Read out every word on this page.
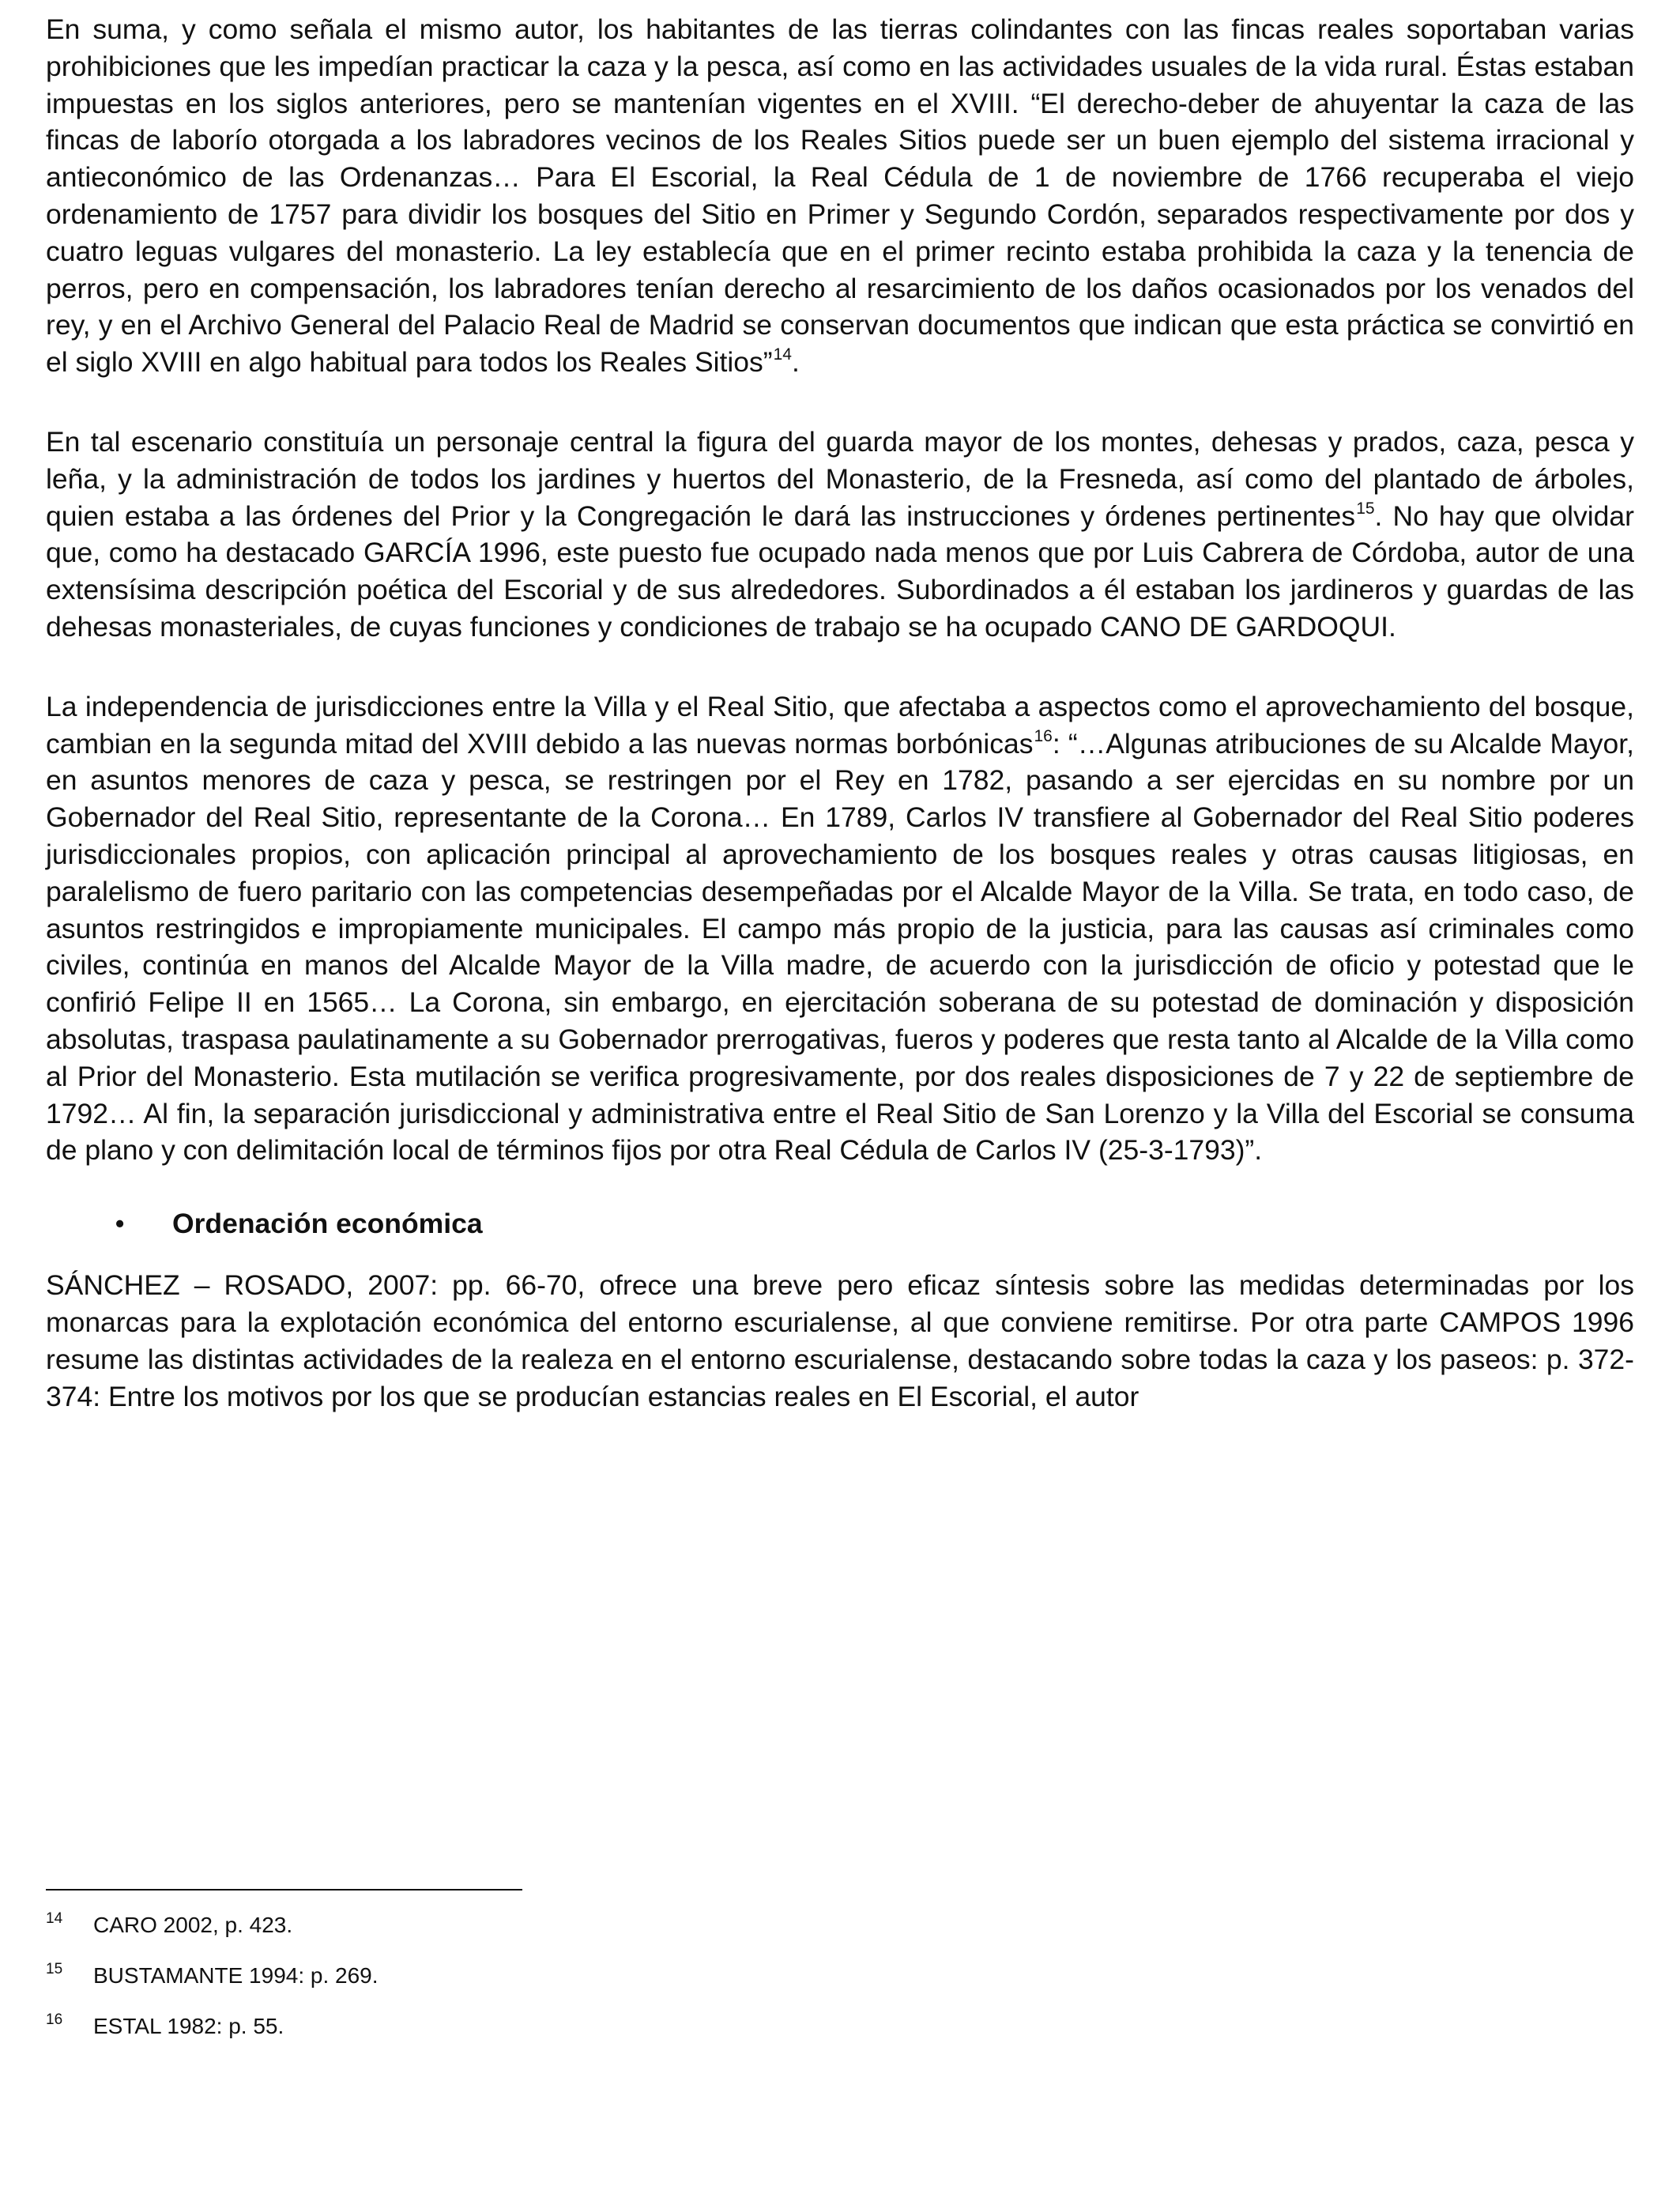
En suma, y como señala el mismo autor, los habitantes de las tierras colindantes con las fincas reales soportaban varias prohibiciones que les impedían practicar la caza y la pesca, así como en las actividades usuales de la vida rural. Éstas estaban impuestas en los siglos anteriores, pero se mantenían vigentes en el XVIII. “El derecho-deber de ahuyentar la caza de las fincas de laborío otorgada a los labradores vecinos de los Reales Sitios puede ser un buen ejemplo del sistema irracional y antieconómico de las Ordenanzas… Para El Escorial, la Real Cédula de 1 de noviembre de 1766 recuperaba el viejo ordenamiento de 1757 para dividir los bosques del Sitio en Primer y Segundo Cordón, separados respectivamente por dos y cuatro leguas vulgares del monasterio. La ley establecía que en el primer recinto estaba prohibida la caza y la tenencia de perros, pero en compensación, los labradores tenían derecho al resarcimiento de los daños ocasionados por los venados del rey, y en el Archivo General del Palacio Real de Madrid se conservan documentos que indican que esta práctica se convirtió en el siglo XVIII en algo habitual para todos los Reales Sitios”$^{14}$.

En tal escenario constituía un personaje central la figura del guarda mayor de los montes, dehesas y prados, caza, pesca y leña, y la administración de todos los jardines y huertos del Monasterio, de la Fresneda, así como del plantado de árboles, quien estaba a las órdenes del Prior y la Congregación le dará las instrucciones y órdenes pertinentes$^{15}$. No hay que olvidar que, como ha destacado GARCÍA 1996, este puesto fue ocupado nada menos que por Luis Cabrera de Córdoba, autor de una extensísima descripción poética del Escorial y de sus alrededores. Subordinados a él estaban los jardineros y guardas de las dehesas monasteriales, de cuyas funciones y condiciones de trabajo se ha ocupado CANO DE GARDOQUI.

La independencia de jurisdicciones entre la Villa y el Real Sitio, que afectaba a aspectos como el aprovechamiento del bosque, cambian en la segunda mitad del XVIII debido a las nuevas normas borbónicas$^{16}$: “…Algunas atribuciones de su Alcalde Mayor, en asuntos menores de caza y pesca, se restringen por el Rey en 1782, pasando a ser ejercidas en su nombre por un Gobernador del Real Sitio, representante de la Corona… En 1789, Carlos IV transfiere al Gobernador del Real Sitio poderes jurisdiccionales propios, con aplicación principal al aprovechamiento de los bosques reales y otras causas litigiosas, en paralelismo de fuero paritario con las competencias desempeñadas por el Alcalde Mayor de la Villa. Se trata, en todo caso, de asuntos restringidos e impropiamente municipales. El campo más propio de la justicia, para las causas así criminales como civiles, continúa en manos del Alcalde Mayor de la Villa madre, de acuerdo con la jurisdicción de oficio y potestad que le confirió Felipe II en 1565… La Corona, sin embargo, en ejercitación soberana de su potestad de dominación y disposición absolutas, traspasa paulatinamente a su Gobernador prerrogativas, fueros y poderes que resta tanto al Alcalde de la Villa como al Prior del Monasterio. Esta mutilación se verifica progresivamente, por dos reales disposiciones de 7 y 22 de septiembre de 1792… Al fin, la separación jurisdiccional y administrativa entre el Real Sitio de San Lorenzo y la Villa del Escorial se consuma de plano y con delimitación local de términos fijos por otra Real Cédula de Carlos IV (25-3-1793)”.

•	Ordenación económica

SÁNCHEZ – ROSADO, 2007: pp. 66-70, ofrece una breve pero eficaz síntesis sobre las medidas determinadas por los monarcas para la explotación económica del entorno escurialense, al que conviene remitirse. Por otra parte CAMPOS 1996 resume las distintas actividades de la realeza en el entorno escurialense, destacando sobre todas la caza y los paseos: p. 372-374: Entre los motivos por los que se producían estancias reales en El Escorial, el autor

14 CARO 2002, p. 423.
15 BUSTAMANTE 1994: p. 269.
16 ESTAL 1982: p. 55.
